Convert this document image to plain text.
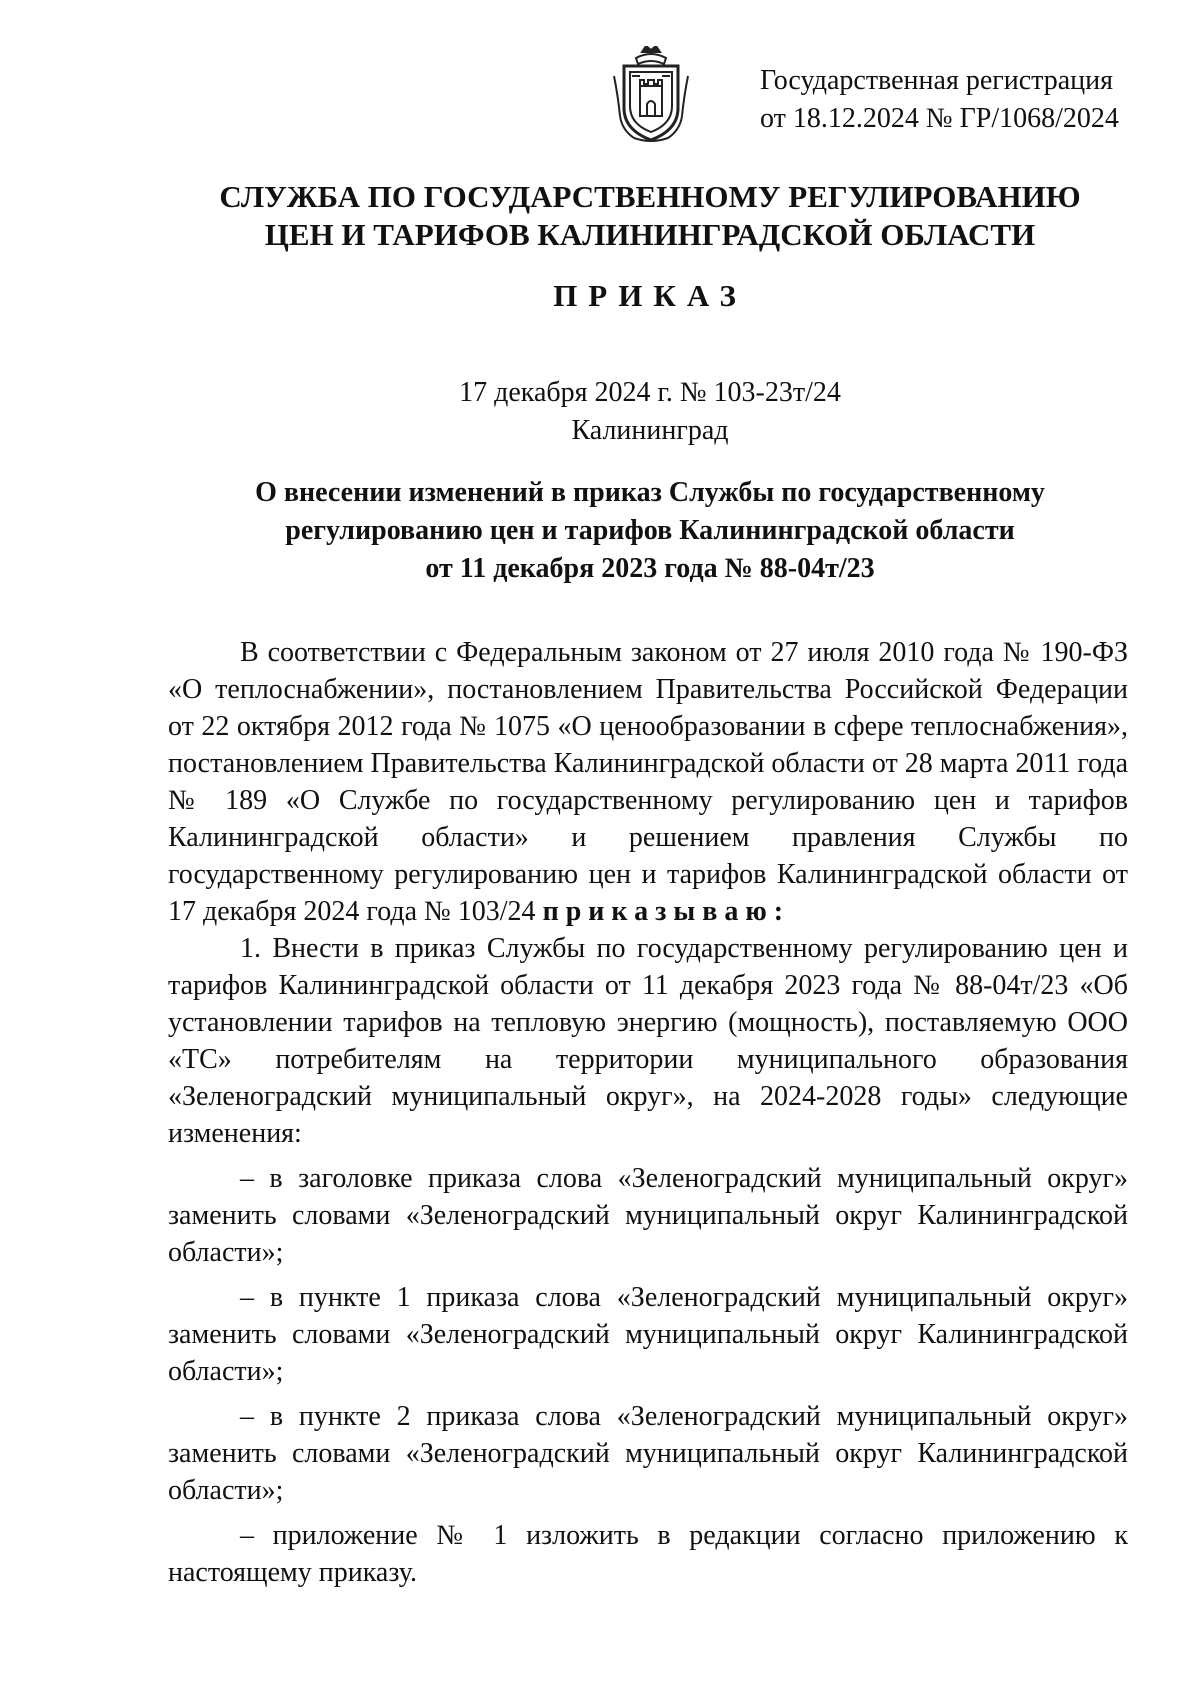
Государственная регистрация
от 18.12.2024 № ГР/1068/2024
СЛУЖБА ПО ГОСУДАРСТВЕННОМУ РЕГУЛИРОВАНИЮ
ЦЕН И ТАРИФОВ КАЛИНИНГРАДСКОЙ ОБЛАСТИ
ПРИКАЗ
17 декабря 2024 г. № 103-23т/24
Калининград
О внесении изменений в приказ Службы по государственному
регулированию цен и тарифов Калининградской области
от 11 декабря 2023 года № 88-04т/23

В соответствии с Федеральным законом от 27 июля 2010 года № 190-ФЗ «О теплоснабжении», постановлением Правительства Российской Федерации от 22 октября 2012 года № 1075 «О ценообразовании в сфере теплоснабжения», постановлением Правительства Калининградской области от 28 марта 2011 года № 189 «О Службе по государственному регулированию цен и тарифов Калининградской области» и решением правления Службы по государственному регулированию цен и тарифов Калининградской области от 17 декабря 2024 года № 103/24 приказываю:

1. Внести в приказ Службы по государственному регулированию цен и тарифов Калининградской области от 11 декабря 2023 года № 88-04т/23 «Об установлении тарифов на тепловую энергию (мощность), поставляемую ООО «ТС» потребителям на территории муниципального образования «Зеленоградский муниципальный округ», на 2024-2028 годы» следующие изменения:

– в заголовке приказа слова «Зеленоградский муниципальный округ» заменить словами «Зеленоградский муниципальный округ Калининградской области»;

– в пункте 1 приказа слова «Зеленоградский муниципальный округ» заменить словами «Зеленоградский муниципальный округ Калининградской области»;

– в пункте 2 приказа слова «Зеленоградский муниципальный округ» заменить словами «Зеленоградский муниципальный округ Калининградской области»;

– приложение № 1 изложить в редакции согласно приложению к настоящему приказу.
